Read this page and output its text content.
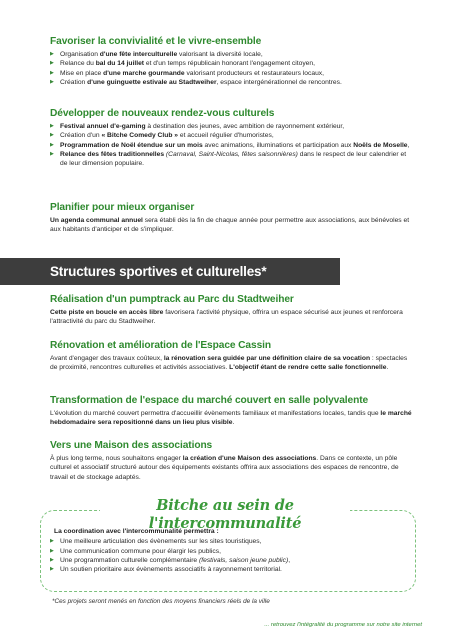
Favoriser la convivialité et le vivre-ensemble
▶ Organisation d'une fête interculturelle valorisant la diversité locale,
▶ Relance du bal du 14 juillet et d'un temps républicain honorant l'engagement citoyen,
▶ Mise en place d'une marche gourmande valorisant producteurs et restaurateurs locaux,
▶ Création d'une guinguette estivale au Stadtweiher, espace intergénérationnel de rencontres.
Développer de nouveaux rendez-vous culturels
▶ Festival annuel d'e-gaming à destination des jeunes, avec ambition de rayonnement extérieur,
▶ Création d'un « Bitche Comedy Club » et accueil régulier d'humoristes,
▶ Programmation de Noël étendue sur un mois avec animations, illuminations et participation aux Noëls de Moselle,
▶ Relance des fêtes traditionnelles (Carnaval, Saint-Nicolas, fêtes saisonnières) dans le respect de leur calendrier et de leur dimension populaire.
Planifier pour mieux organiser

Un agenda communal annuel sera établi dès la fin de chaque année pour permettre aux associations, aux bénévoles et aux habitants d'anticiper et de s'impliquer.

Structures sportives et culturelles*
Réalisation d'un pumptrack au Parc du Stadtweiher

Cette piste en boucle en accès libre favorisera l'activité physique, offrira un espace sécurisé aux jeunes et renforcera l'attractivité du parc du Stadtweiher.

Rénovation et amélioration de l'Espace Cassin

Avant d'engager des travaux coûteux, la rénovation sera guidée par une définition claire de sa vocation : spectacles de proximité, rencontres culturelles et activités associatives. L'objectif étant de rendre cette salle fonctionnelle.

Transformation de l'espace du marché couvert en salle polyvalente

L'évolution du marché couvert permettra d'accueillir évènements familiaux et manifestations locales, tandis que le marché hebdomadaire sera repositionné dans un lieu plus visible.

Vers une Maison des associations

À plus long terme, nous souhaitons engager la création d'une Maison des associations. Dans ce contexte, un pôle culturel et associatif structuré autour des équipements existants offrira aux associations des espaces de rencontre, de travail et de stockage adaptés.

Bitche au sein de l'intercommunalité

La coordination avec l'intercommunalité permettra :

▶ Une meilleure articulation des évènements sur les sites touristiques,
▶ Une communication commune pour élargir les publics,
▶ Une programmation culturelle complémentaire (festivals, saison jeune public),
▶ Un soutien prioritaire aux évènements associatifs à rayonnement territorial.
*Ces projets seront menés en fonction des moyens financiers réels de la ville
... retrouvez l'intégralité du programme sur notre site internet
